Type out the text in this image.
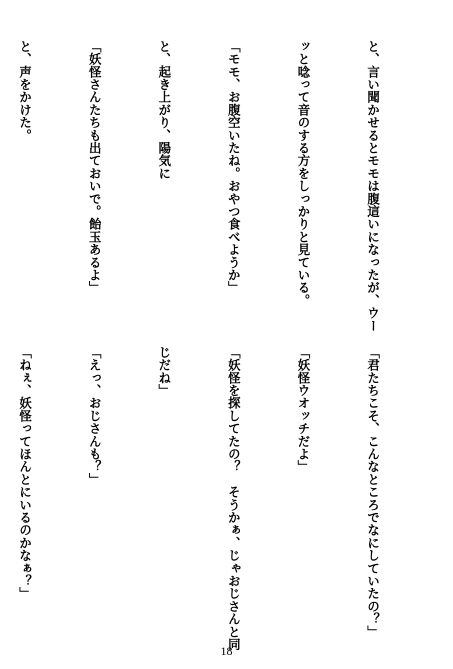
と、言い聞かせるとモモは腹這いになったが、ウー

ッと唸って音のする方をしっかりと見ている。

「モモ、お腹空いたね。おやつ食べようか」

と、起き上がり、陽気に

「妖怪さんたちも出ておいで。飴玉あるよ」

と、声をかけた。

「君たちこそ、こんなところでなにしていたの？」

「妖怪ウオッチだよ」

「妖怪を探してたの？　そうかぁ、じゃおじさんと同

じだね」

「えっ、おじさんも？」

「ねぇ、妖怪ってほんとにいるのかなぁ？」

18
